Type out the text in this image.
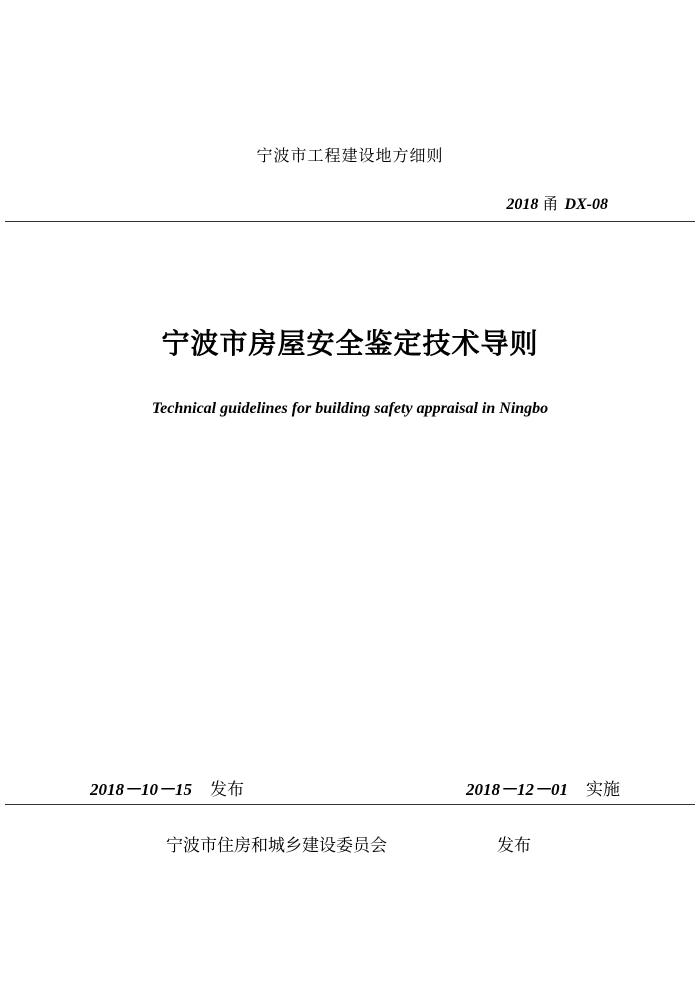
宁波市工程建设地方细则
2018 甬 DX-08
宁波市房屋安全鉴定技术导则
Technical guidelines for building safety appraisal in Ningbo
2018－10－15 发布	2018－12－01 实施
宁波市住房和城乡建设委员会	发布
